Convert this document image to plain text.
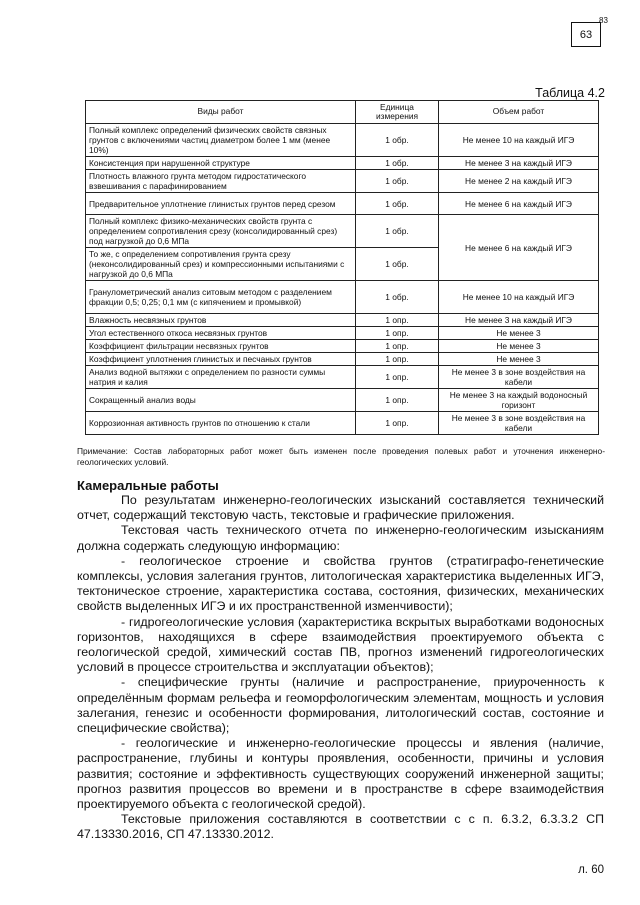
63
83
Таблица 4.2
Виды работ	Единица измерения	Объем работ
Полный комплекс определений физических свойств связных грунтов с включениями частиц диаметром более 1 мм (менее 10%)	1 обр.	Не менее 10 на каждый ИГЭ
Консистенция при нарушенной структуре	1 обр.	Не менее 3 на каждый ИГЭ
Плотность влажного грунта методом гидростатического взвешивания с парафинированием	1 обр.	Не менее 2 на каждый ИГЭ
Предварительное уплотнение глинистых грунтов перед срезом	1 обр.	Не менее 6 на каждый ИГЭ
Полный комплекс физико-механических свойств грунта с определением сопротивления срезу (консолидированный срез) под нагрузкой до 0,6 МПа	1 обр.	Не менее 6 на каждый ИГЭ
То же, с определением сопротивления грунта срезу (неконсолидированный срез) и компрессионными испытаниями с нагрузкой до 0,6 МПа	1 обр.	
Гранулометрический анализ ситовым методом с разделением фракции 0,5; 0,25; 0,1 мм (с кипячением и промывкой)	1 обр.	Не менее 10 на каждый ИГЭ
Влажность несвязных грунтов	1 опр.	Не менее 3 на каждый ИГЭ
Угол естественного откоса несвязных грунтов	1 опр.	Не менее 3
Коэффициент фильтрации несвязных грунтов	1 опр.	Не менее 3
Коэффициент уплотнения глинистых и песчаных грунтов	1 опр.	Не менее 3
Анализ водной вытяжки с определением по разности суммы натрия и калия	1 опр.	Не менее 3 в зоне воздействия на кабели
Сокращенный анализ воды	1 опр.	Не менее 3 на каждый водоносный горизонт
Коррозионная активность грунтов по отношению к стали	1 опр.	Не менее 3 в зоне воздействия на кабели
Примечание: Состав лабораторных работ может быть изменен после проведения полевых работ и уточнения инженерно-геологических условий.
Камеральные работы

По результатам инженерно-геологических изысканий составляется технический отчет, содержащий текстовую часть, текстовые и графические приложения.

Текстовая часть технического отчета по инженерно-геологическим изысканиям должна содержать следующую информацию:

- геологическое строение и свойства грунтов (стратиграфо-генетические комплексы, условия залегания грунтов, литологическая характеристика выделенных ИГЭ, тектоническое строение, характеристика состава, состояния, физических, механических свойств выделенных ИГЭ и их пространственной изменчивости);

- гидрогеологические условия (характеристика вскрытых выработками водоносных горизонтов, находящихся в сфере взаимодействия проектируемого объекта с геологической средой, химический состав ПВ, прогноз изменений гидрогеологических условий в процессе строительства и эксплуатации объектов);

- специфические грунты (наличие и распространение, приуроченность к определённым формам рельефа и геоморфологическим элементам, мощность и условия залегания, генезис и особенности формирования, литологический состав, состояние и специфические свойства);

- геологические и инженерно-геологические процессы и явления (наличие, распространение, глубины и контуры проявления, особенности, причины и условия развития; состояние и эффективность существующих сооружений инженерной защиты; прогноз развития процессов во времени и в пространстве в сфере взаимодействия проектируемого объекта с геологической средой).

Текстовые приложения составляются в соответствии с с п. 6.3.2, 6.3.3.2 СП 47.13330.2016, СП 47.13330.2012.

л. 60
